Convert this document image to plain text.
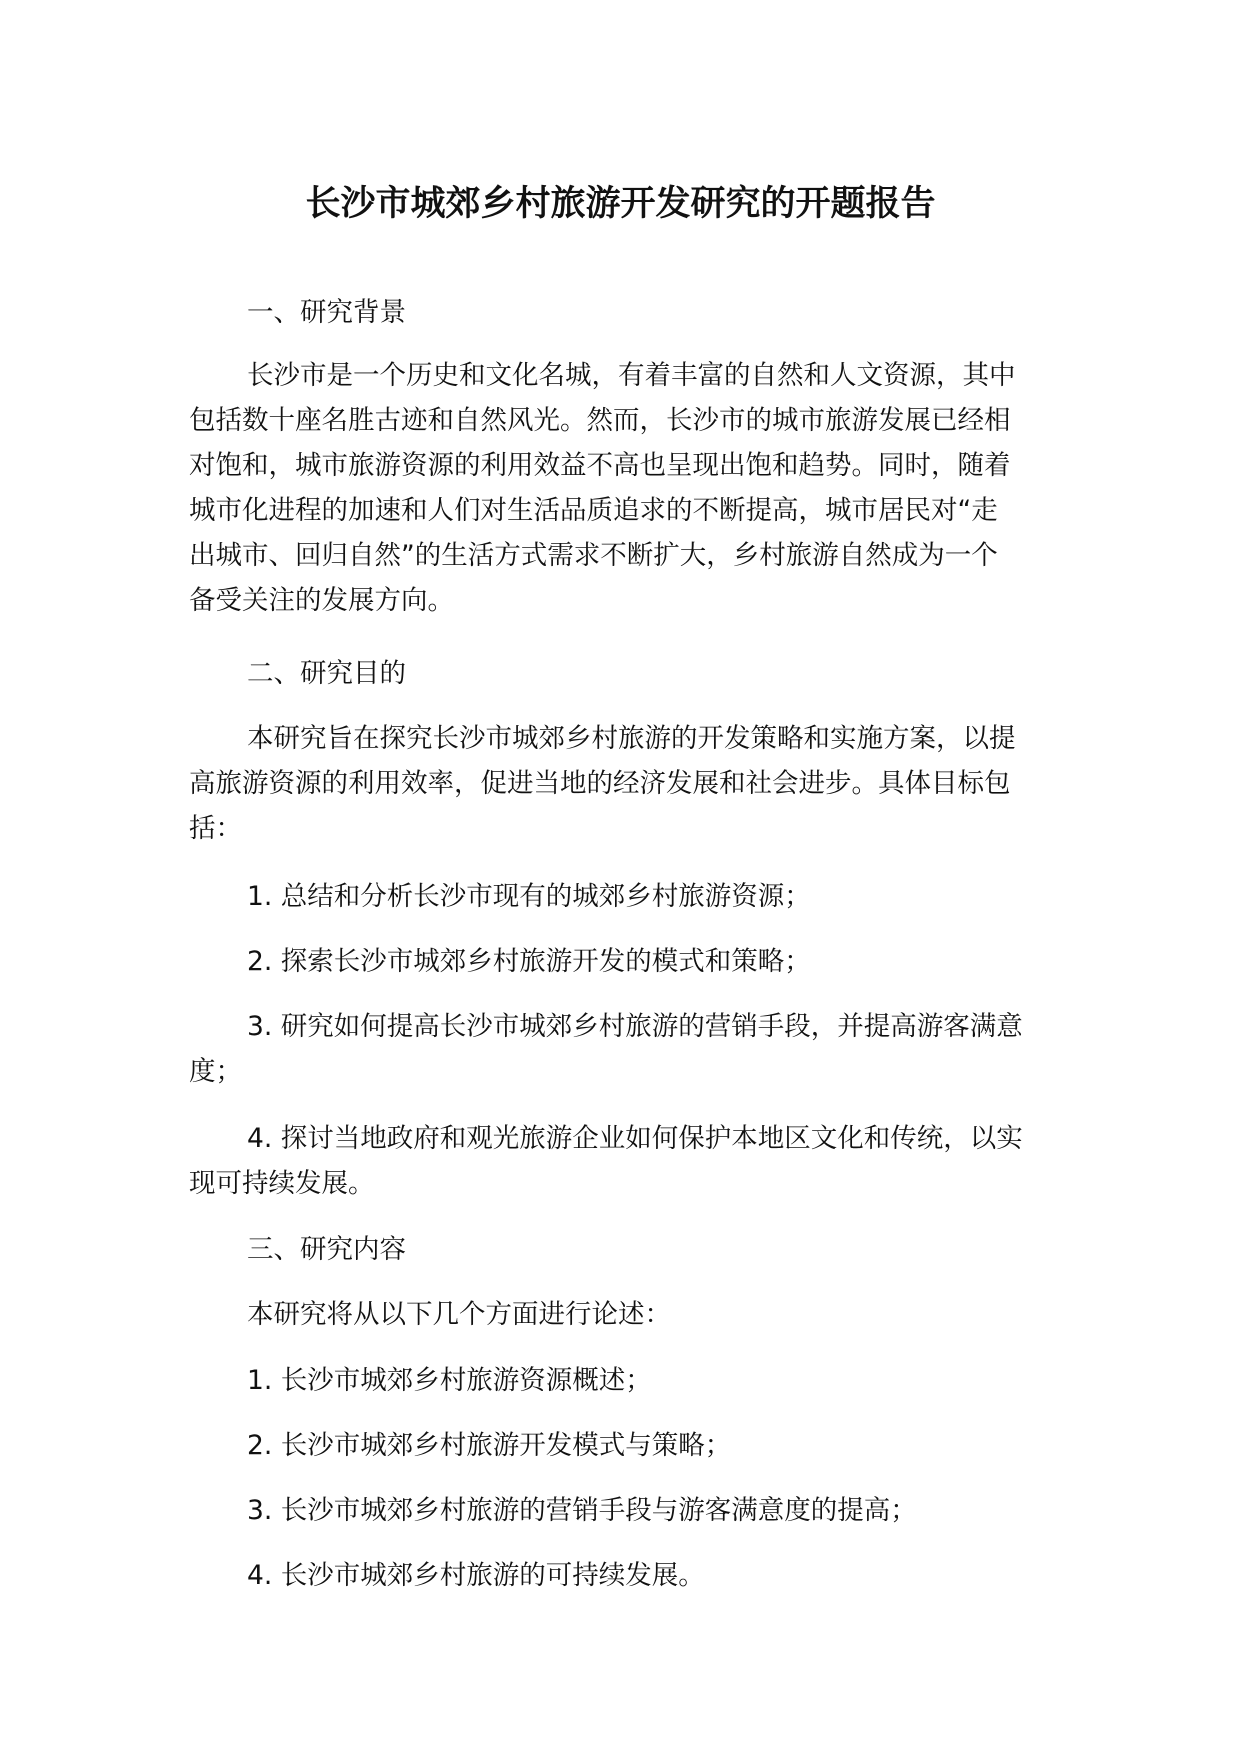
长沙市城郊乡村旅游开发研究的开题报告
一、研究背景
长沙市是一个历史和文化名城，有着丰富的自然和人文资源，其中
包括数十座名胜古迹和自然风光。然而，长沙市的城市旅游发展已经相
对饱和，城市旅游资源的利用效益不高也呈现出饱和趋势。同时，随着
城市化进程的加速和人们对生活品质追求的不断提高，城市居民对“走
出城市、回归自然”的生活方式需求不断扩大，乡村旅游自然成为一个
备受关注的发展方向。
二、研究目的
本研究旨在探究长沙市城郊乡村旅游的开发策略和实施方案，以提
高旅游资源的利用效率，促进当地的经济发展和社会进步。具体目标包
括：
1. 总结和分析长沙市现有的城郊乡村旅游资源；
2. 探索长沙市城郊乡村旅游开发的模式和策略；
3. 研究如何提高长沙市城郊乡村旅游的营销手段，并提高游客满意
度；
4. 探讨当地政府和观光旅游企业如何保护本地区文化和传统，以实
现可持续发展。
三、研究内容
本研究将从以下几个方面进行论述：
1. 长沙市城郊乡村旅游资源概述；
2. 长沙市城郊乡村旅游开发模式与策略；
3. 长沙市城郊乡村旅游的营销手段与游客满意度的提高；
4. 长沙市城郊乡村旅游的可持续发展。
